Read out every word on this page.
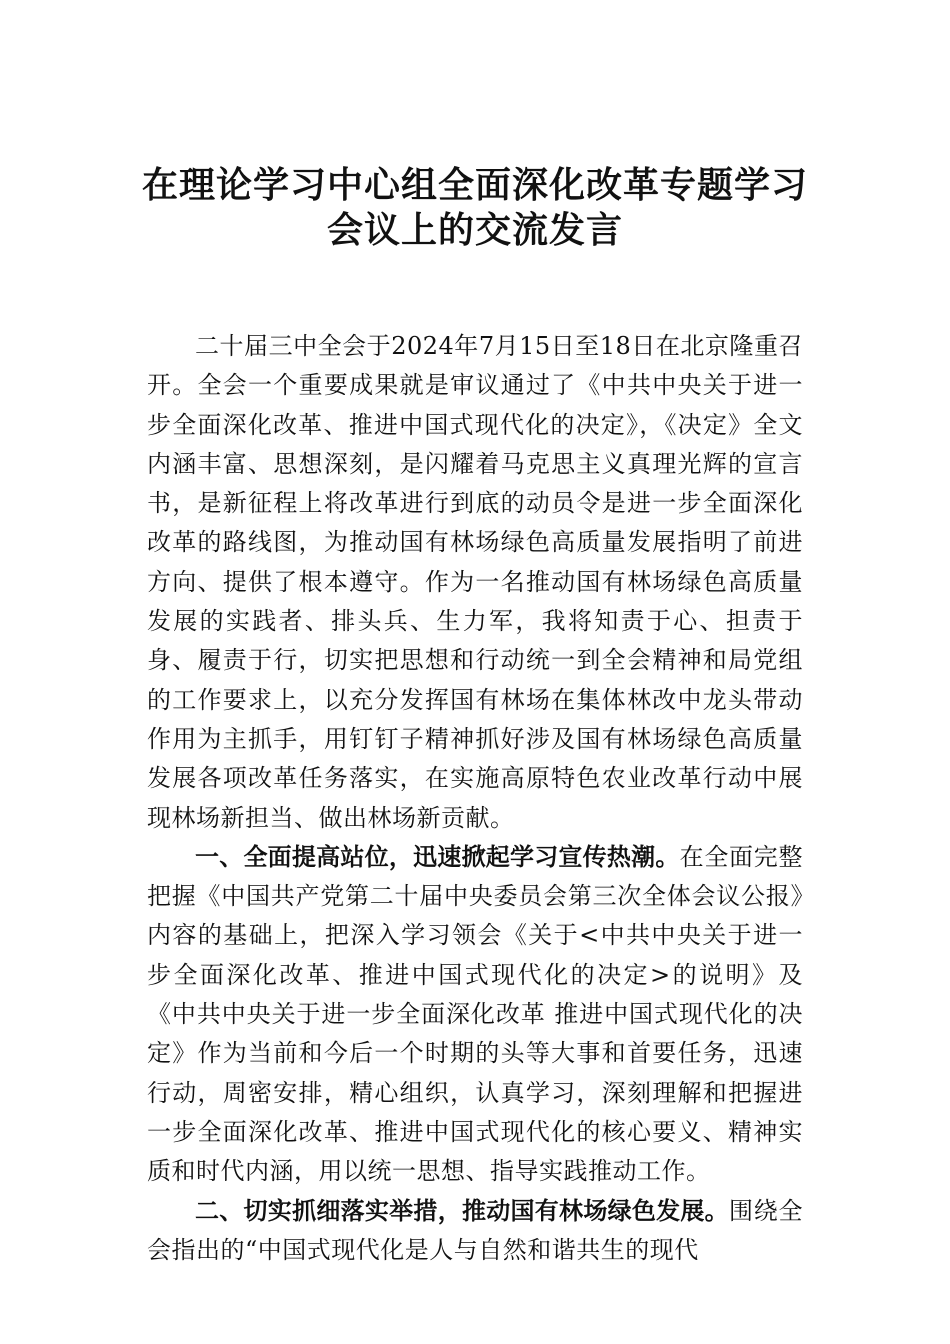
在理论学习中心组全面深化改革专题学习
会议上的交流发言

二十届三中全会于2024年7月15日至18日在北京隆重召开。全会一个重要成果就是审议通过了《中共中央关于进一步全面深化改革、推进中国式现代化的决定》，《决定》全文内涵丰富、思想深刻，是闪耀着马克思主义真理光辉的宣言书，是新征程上将改革进行到底的动员令是进一步全面深化改革的路线图，为推动国有林场绿色高质量发展指明了前进方向、提供了根本遵守。作为一名推动国有林场绿色高质量发展的实践者、排头兵、生力军，我将知责于心、担责于身、履责于行，切实把思想和行动统一到全会精神和局党组的工作要求上，以充分发挥国有林场在集体林改中龙头带动作用为主抓手，用钉钉子精神抓好涉及国有林场绿色高质量发展各项改革任务落实，在实施高原特色农业改革行动中展现林场新担当、做出林场新贡献。

一、全面提高站位，迅速掀起学习宣传热潮。在全面完整把握《中国共产党第二十届中央委员会第三次全体会议公报》内容的基础上，把深入学习领会《关于<中共中央关于进一步全面深化改革、推进中国式现代化的决定>的说明》及《中共中央关于进一步全面深化改革 推进中国式现代化的决定》作为当前和今后一个时期的头等大事和首要任务，迅速行动，周密安排，精心组织，认真学习，深刻理解和把握进一步全面深化改革、推进中国式现代化的核心要义、精神实质和时代内涵，用以统一思想、指导实践推动工作。

二、切实抓细落实举措，推动国有林场绿色发展。围绕全会指出的“中国式现代化是人与自然和谐共生的现代
